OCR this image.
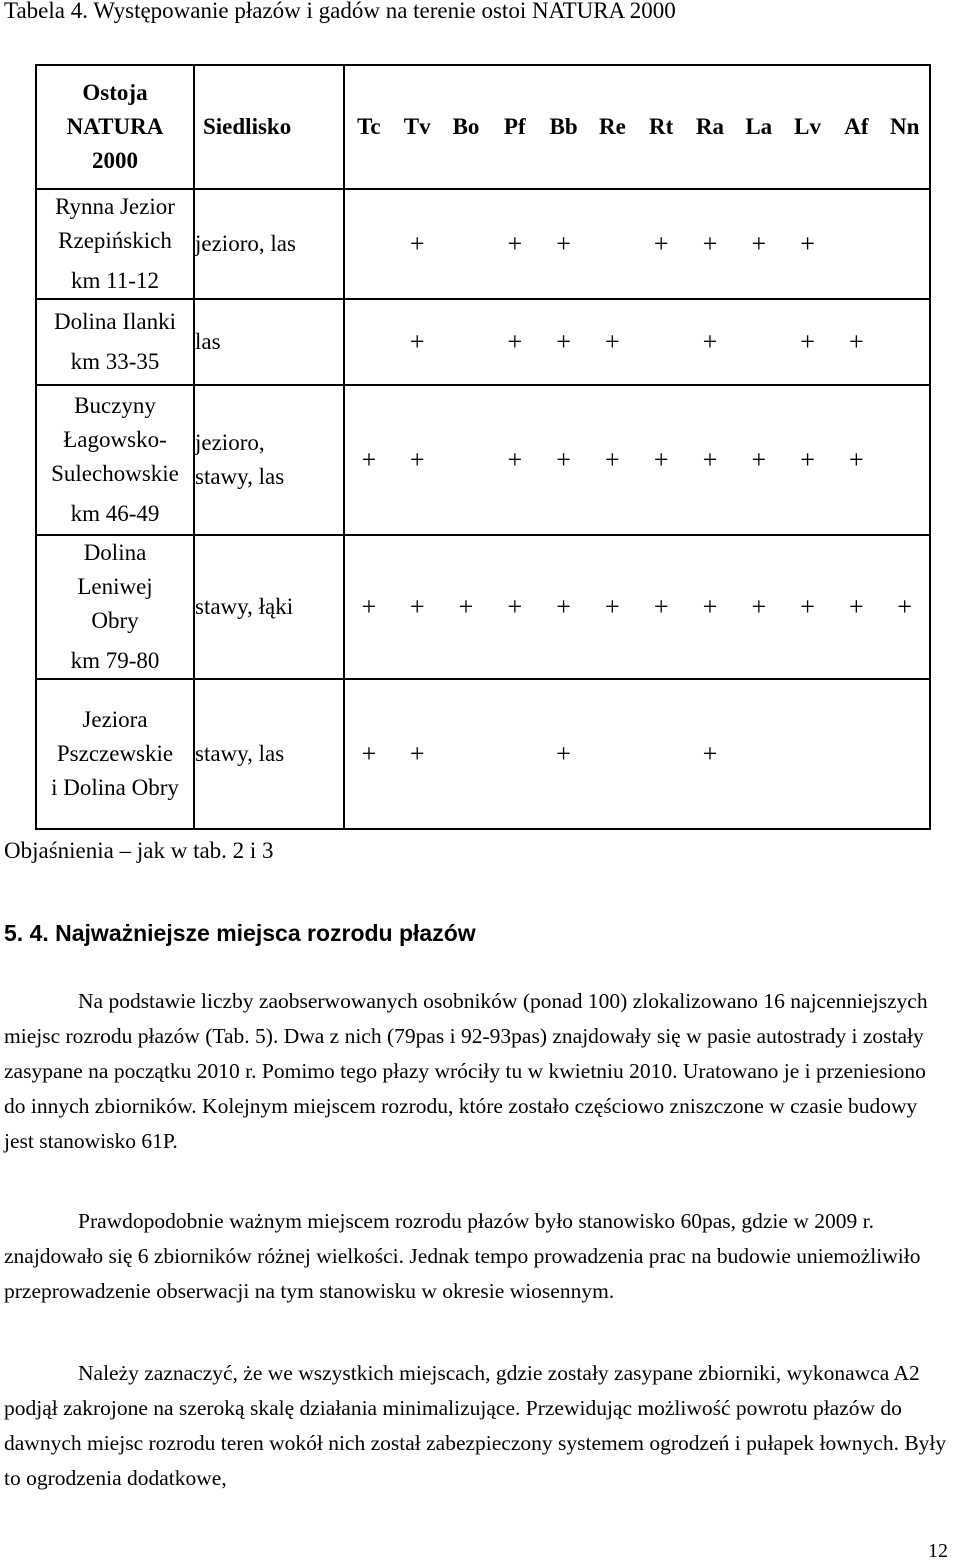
Tabela 4. Występowanie płazów i gadów na terenie ostoi NATURA 2000
Ostoja
NATURA
2000	Siedlisko	Tc	Tv	Bo	Pf	Bb	Re	Rt	Ra	La	Lv	Af	Nn

Rynna Jezior
Rzepińskich
km 11-12	jezioro, las		+		+	+		+	+	+	+		

Dolina Ilanki
km 33-35	las		+		+	+	+		+		+	+	

Buczyny
Łagowsko-
Sulechowskie
km 46-49	jezioro,
stawy, las	+	+		+	+	+	+	+	+	+	+	

Dolina
Leniwej
Obry
km 79-80	stawy, łąki	+	+	+	+	+	+	+	+	+	+	+	+

Jeziora
Pszczewskie
i Dolina Obry	stawy, las	+	+			+			+				
Objaśnienia – jak w tab. 2 i 3
5. 4. Najważniejsze miejsca rozrodu płazów

Na podstawie liczby zaobserwowanych osobników (ponad 100) zlokalizowano 16 najcenniejszych miejsc rozrodu płazów (Tab. 5). Dwa z nich (79pas i 92-93pas) znajdowały się w pasie autostrady i zostały zasypane na początku 2010 r. Pomimo tego płazy wróciły tu w kwietniu 2010. Uratowano je i przeniesiono do innych zbiorników. Kolejnym miejscem rozrodu, które zostało częściowo zniszczone w czasie budowy jest stanowisko 61P.

Prawdopodobnie ważnym miejscem rozrodu płazów było stanowisko 60pas, gdzie w 2009 r. znajdowało się 6 zbiorników różnej wielkości. Jednak tempo prowadzenia prac na budowie uniemożliwiło przeprowadzenie obserwacji na tym stanowisku w okresie wiosennym.

Należy zaznaczyć, że we wszystkich miejscach, gdzie zostały zasypane zbiorniki, wykonawca A2 podjął zakrojone na szeroką skalę działania minimalizujące. Przewidując możliwość powrotu płazów do dawnych miejsc rozrodu teren wokół nich został zabezpieczony systemem ogrodzeń i pułapek łownych. Były to ogrodzenia dodatkowe,

12
